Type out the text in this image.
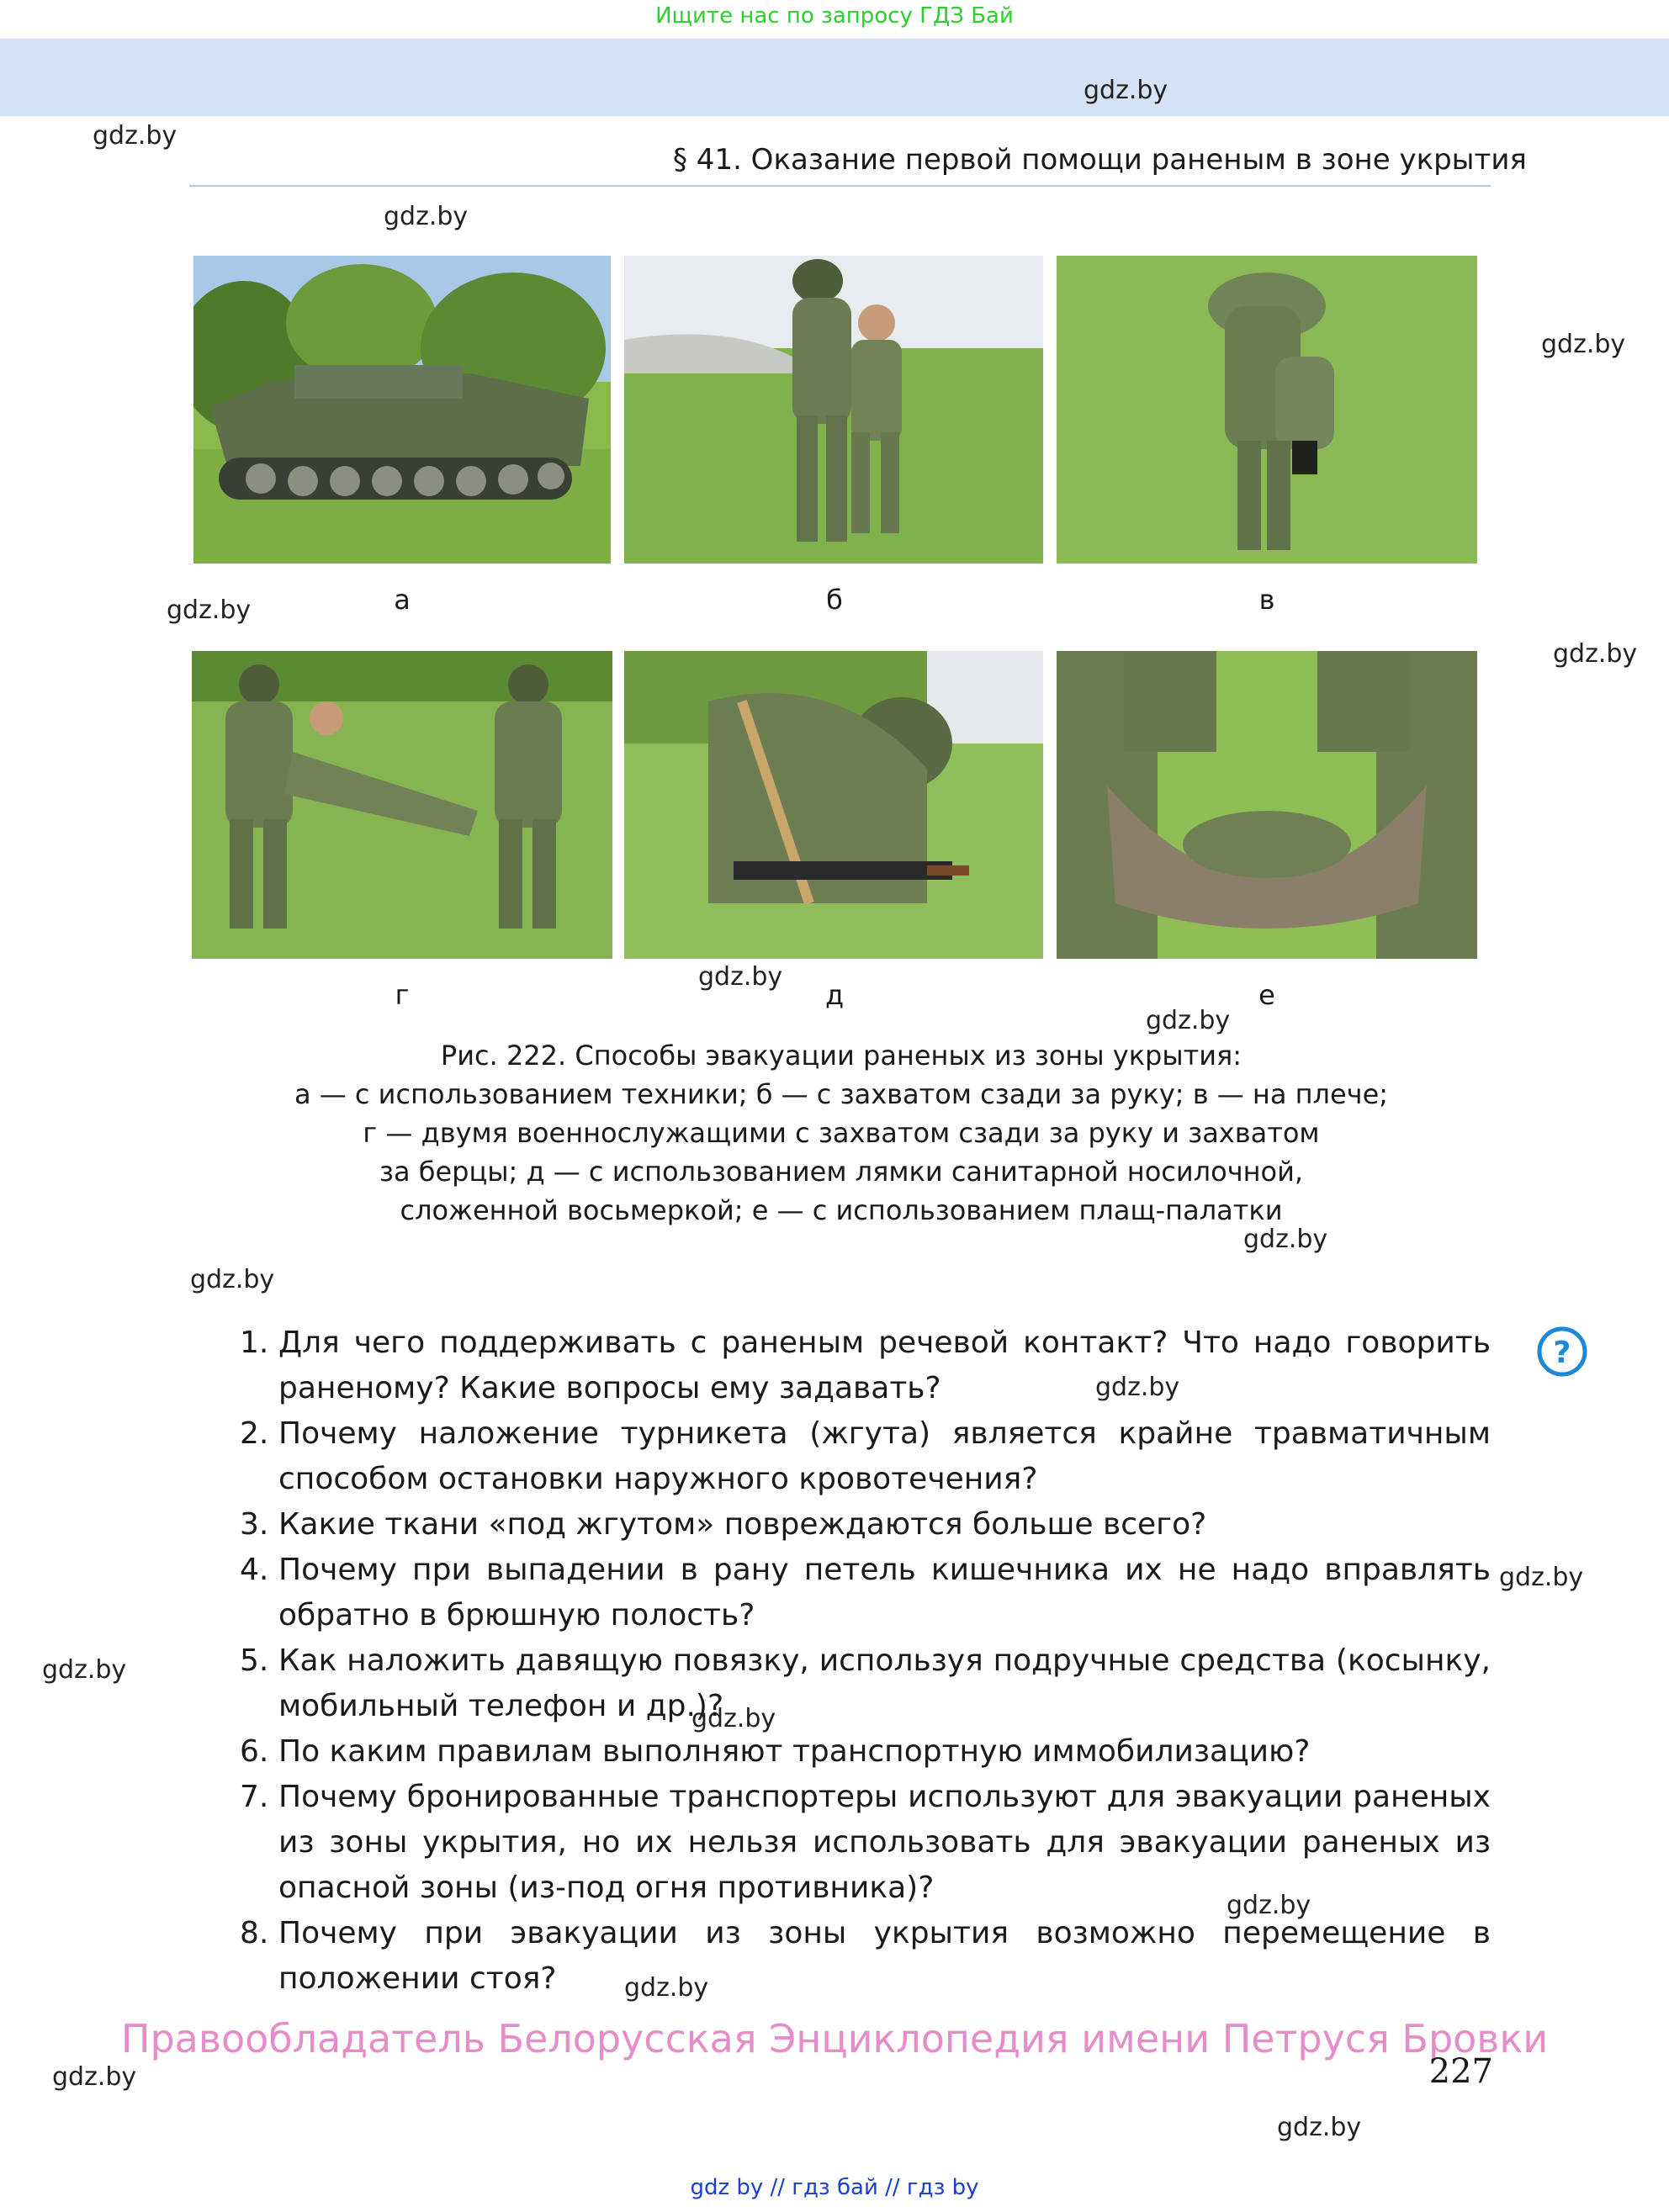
Ищите нас по запросу ГДЗ Бай
gdz.by
gdz.by
gdz.by
gdz.by
gdz.by
gdz.by
gdz.by
gdz.by
gdz.by
gdz.by
gdz.by
gdz.by
gdz.by
gdz.by
gdz.by
gdz.by
gdz.by
gdz.by
§ 41. Оказание первой помощи раненым в зоне укрытия
а	б	в
г	д	е
Рис. 222. Способы эвакуации раненых из зоны укрытия:
а — с использованием техники; б — с захватом сзади за руку; в — на плече;
г — двумя военнослужащими с захватом сзади за руку и захватом
за берцы; д — с использованием лямки санитарной носилочной,
сложенной восьмеркой; е — с использованием плащ-палатки
?
1. Для чего поддерживать с раненым речевой контакт? Что надо говорить раненому? Какие вопросы ему задавать?
2. Почему наложение турникета (жгута) является крайне травматичным способом остановки наружного кровотечения?
3. Какие ткани «под жгутом» повреждаются больше всего?
4. Почему при выпадении в рану петель кишечника их не надо вправлять обратно в брюшную полость?
5. Как наложить давящую повязку, используя подручные средства (косынку, мобильный телефон и др.)?
6. По каким правилам выполняют транспортную иммобилизацию?
7. Почему бронированные транспортеры используют для эвакуации раненых из зоны укрытия, но их нельзя использовать для эвакуации раненых из опасной зоны (из-под огня противника)?
8. Почему при эвакуации из зоны укрытия возможно перемещение в положении стоя?
Правообладатель Белорусская Энциклопедия имени Петруся Бровки
227
gdz by // гдз бай // гдз by
